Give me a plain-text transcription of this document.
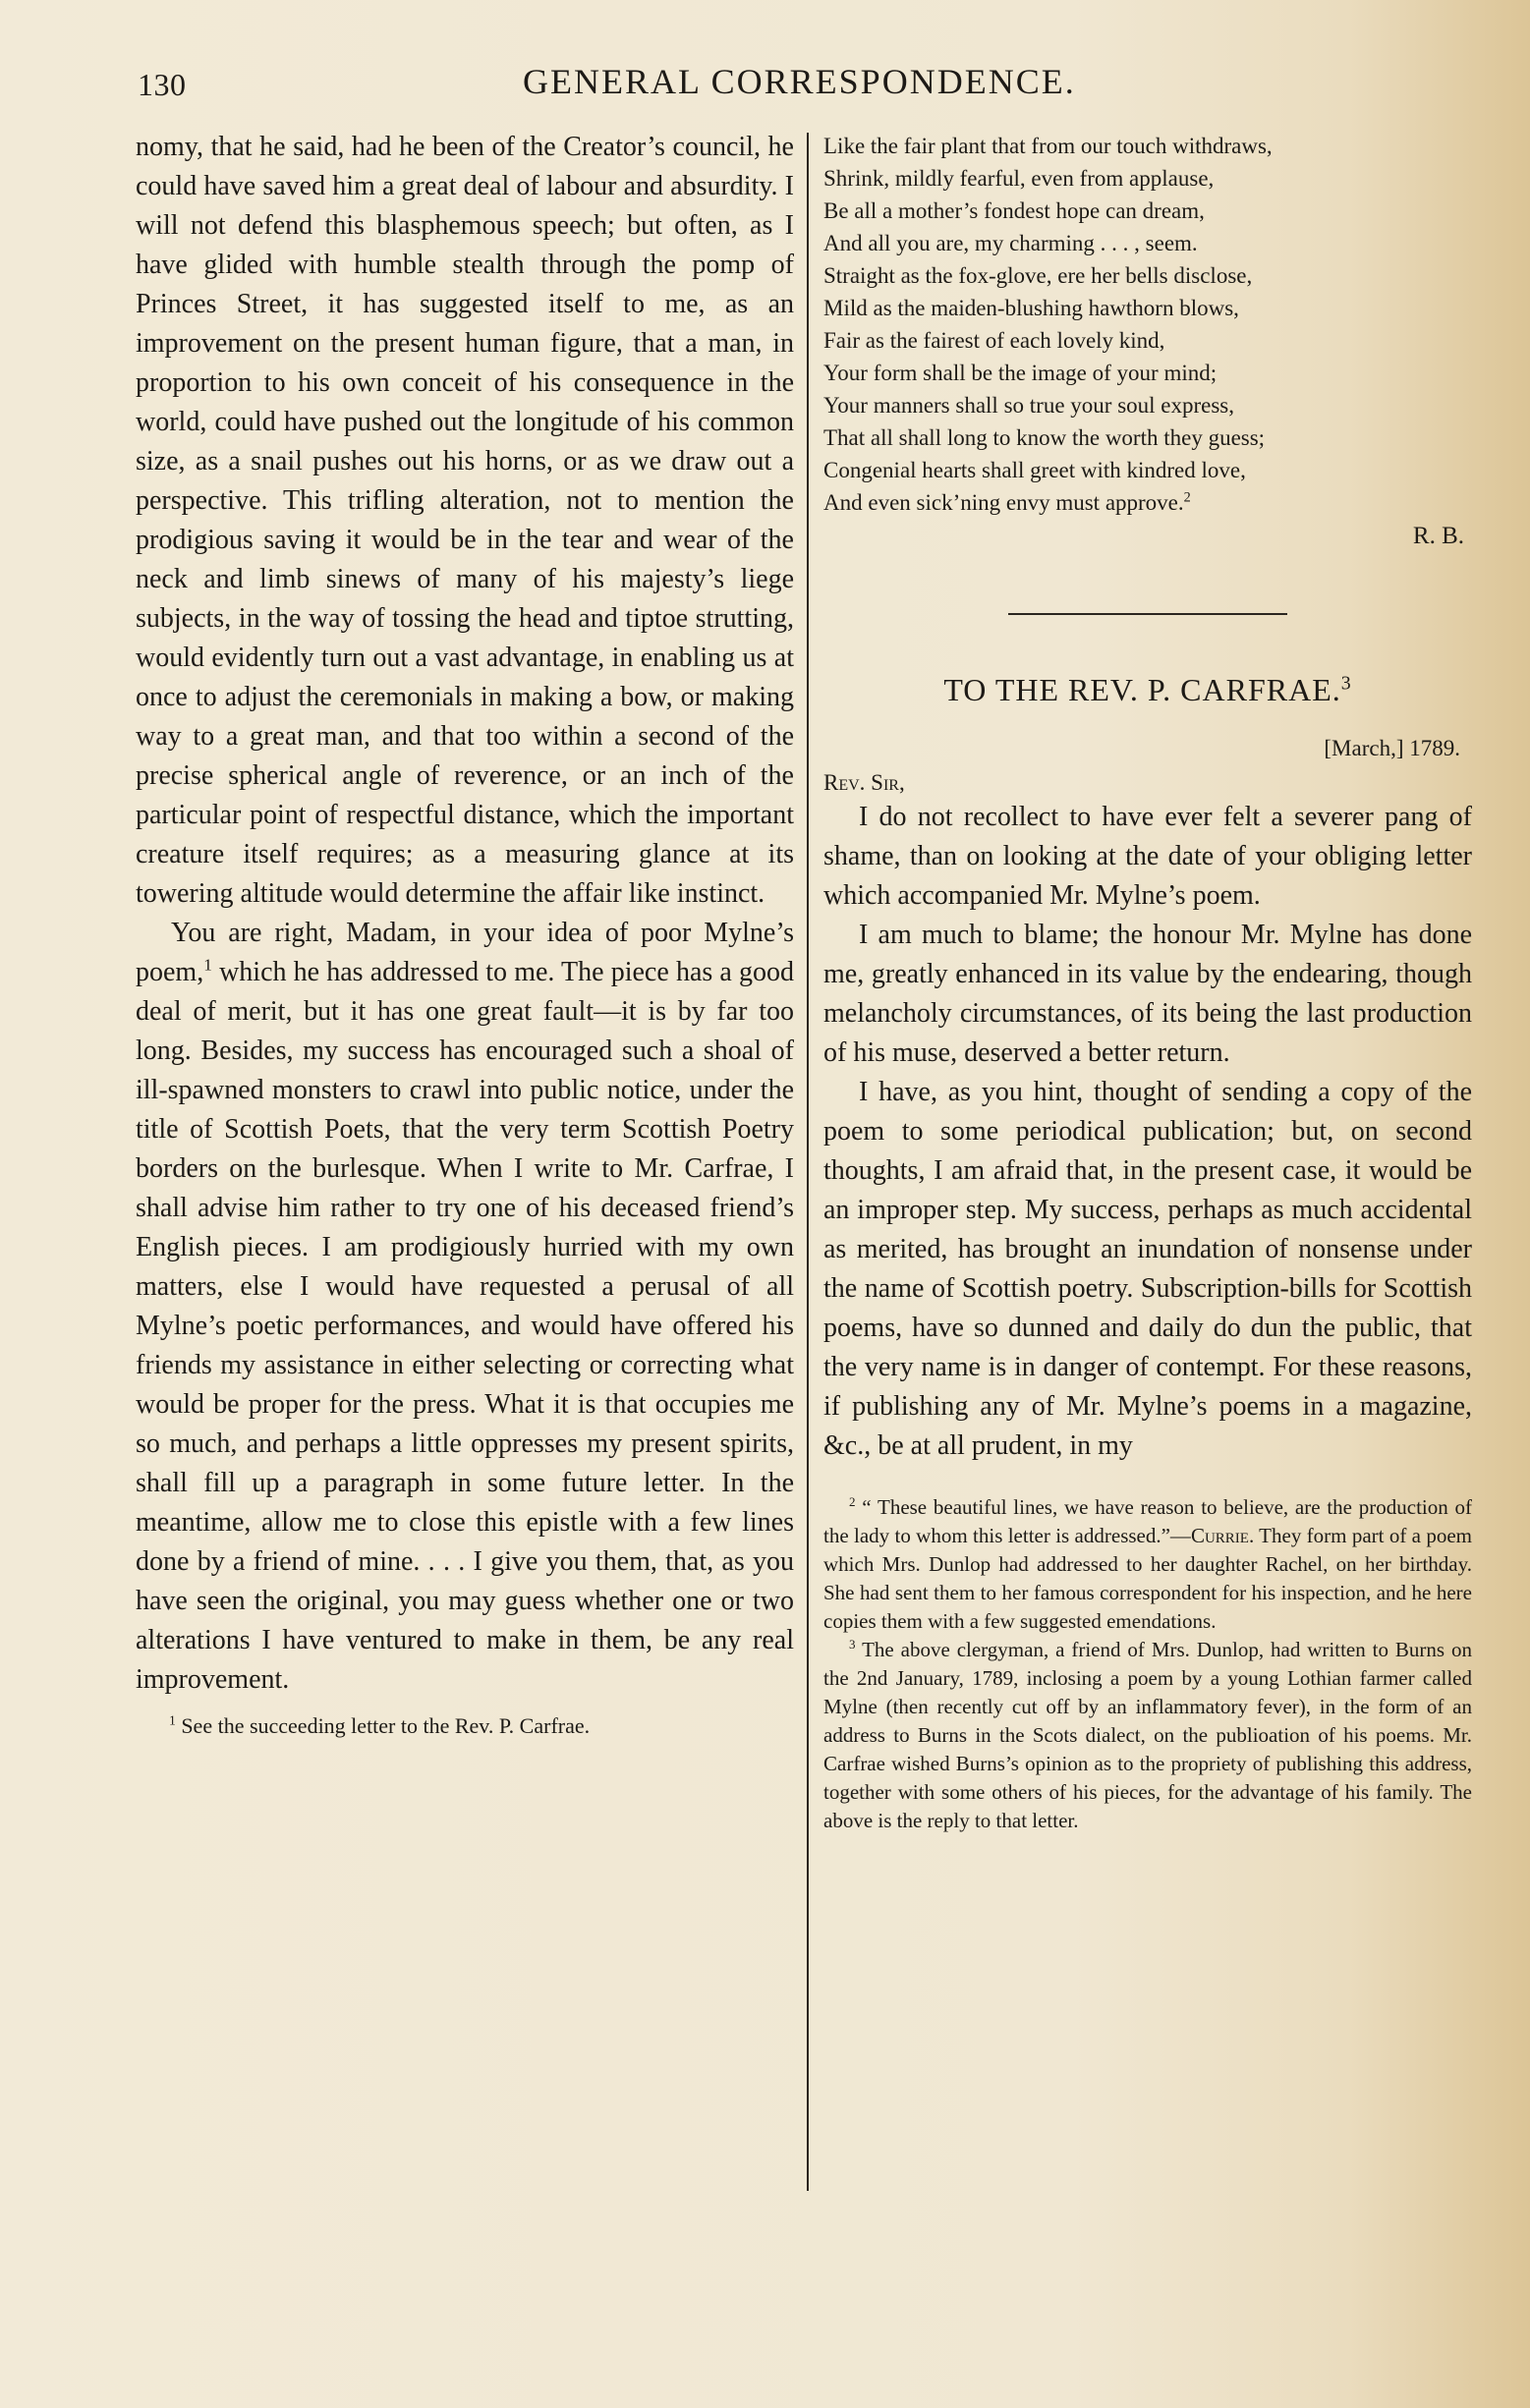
130	GENERAL CORRESPONDENCE.

nomy, that he said, had he been of the Creator’s council, he could have saved him a great deal of labour and absurdity. I will not defend this blasphemous speech; but often, as I have glided with humble stealth through the pomp of Princes Street, it has suggested itself to me, as an improvement on the present human figure, that a man, in proportion to his own conceit of his consequence in the world, could have pushed out the longitude of his common size, as a snail pushes out his horns, or as we draw out a perspective. This trifling alteration, not to mention the prodigious saving it would be in the tear and wear of the neck and limb sinews of many of his majesty’s liege subjects, in the way of tossing the head and tiptoe strutting, would evidently turn out a vast advantage, in enabling us at once to adjust the ceremonials in making a bow, or making way to a great man, and that too within a second of the precise spherical angle of reverence, or an inch of the particular point of respectful distance, which the important creature itself requires; as a measuring glance at its towering altitude would determine the affair like instinct.

You are right, Madam, in your idea of poor Mylne’s poem,$^1$ which he has addressed to me. The piece has a good deal of merit, but it has one great fault—it is by far too long. Besides, my success has encouraged such a shoal of ill-spawned monsters to crawl into public notice, under the title of Scottish Poets, that the very term Scottish Poetry borders on the burlesque. When I write to Mr. Carfrae, I shall advise him rather to try one of his deceased friend’s English pieces. I am prodigiously hurried with my own matters, else I would have requested a perusal of all Mylne’s poetic performances, and would have offered his friends my assistance in either selecting or correcting what would be proper for the press. What it is that occupies me so much, and perhaps a little oppresses my present spirits, shall fill up a paragraph in some future letter. In the meantime, allow me to close this epistle with a few lines done by a friend of mine. . . . I give you them, that, as you have seen the original, you may guess whether one or two alterations I have ventured to make in them, be any real improvement.

$^1$ See the succeeding letter to the Rev. P. Carfrae.

Like the fair plant that from our touch withdraws,
Shrink, mildly fearful, even from applause,
Be all a mother’s fondest hope can dream,
And all you are, my charming . . . , seem.
Straight as the fox-glove, ere her bells disclose,
Mild as the maiden-blushing hawthorn blows,
Fair as the fairest of each lovely kind,
Your form shall be the image of your mind;
Your manners shall so true your soul express,
That all shall long to know the worth they guess;
Congenial hearts shall greet with kindred love,
And even sick’ning envy must approve.$^2$
R. B.
TO THE REV. P. CARFRAE.$^3$
[March,] 1789.
Rev. Sir,

I do not recollect to have ever felt a severer pang of shame, than on looking at the date of your obliging letter which accompanied Mr. Mylne’s poem.

I am much to blame; the honour Mr. Mylne has done me, greatly enhanced in its value by the endearing, though melancholy circumstances, of its being the last production of his muse, deserved a better return.

I have, as you hint, thought of sending a copy of the poem to some periodical publication; but, on second thoughts, I am afraid that, in the present case, it would be an improper step. My success, perhaps as much accidental as merited, has brought an inundation of nonsense under the name of Scottish poetry. Subscription-bills for Scottish poems, have so dunned and daily do dun the public, that the very name is in danger of contempt. For these reasons, if publishing any of Mr. Mylne’s poems in a magazine, &c., be at all prudent, in my

$^2$ “ These beautiful lines, we have reason to believe, are the production of the lady to whom this letter is addressed.”—Currie. They form part of a poem which Mrs. Dunlop had addressed to her daughter Rachel, on her birthday. She had sent them to her famous correspondent for his inspection, and he here copies them with a few suggested emendations.

$^3$ The above clergyman, a friend of Mrs. Dunlop, had written to Burns on the 2nd January, 1789, inclosing a poem by a young Lothian farmer called Mylne (then recently cut off by an inflammatory fever), in the form of an address to Burns in the Scots dialect, on the publioation of his poems. Mr. Carfrae wished Burns’s opinion as to the propriety of publishing this address, together with some others of his pieces, for the advantage of his family. The above is the reply to that letter.
